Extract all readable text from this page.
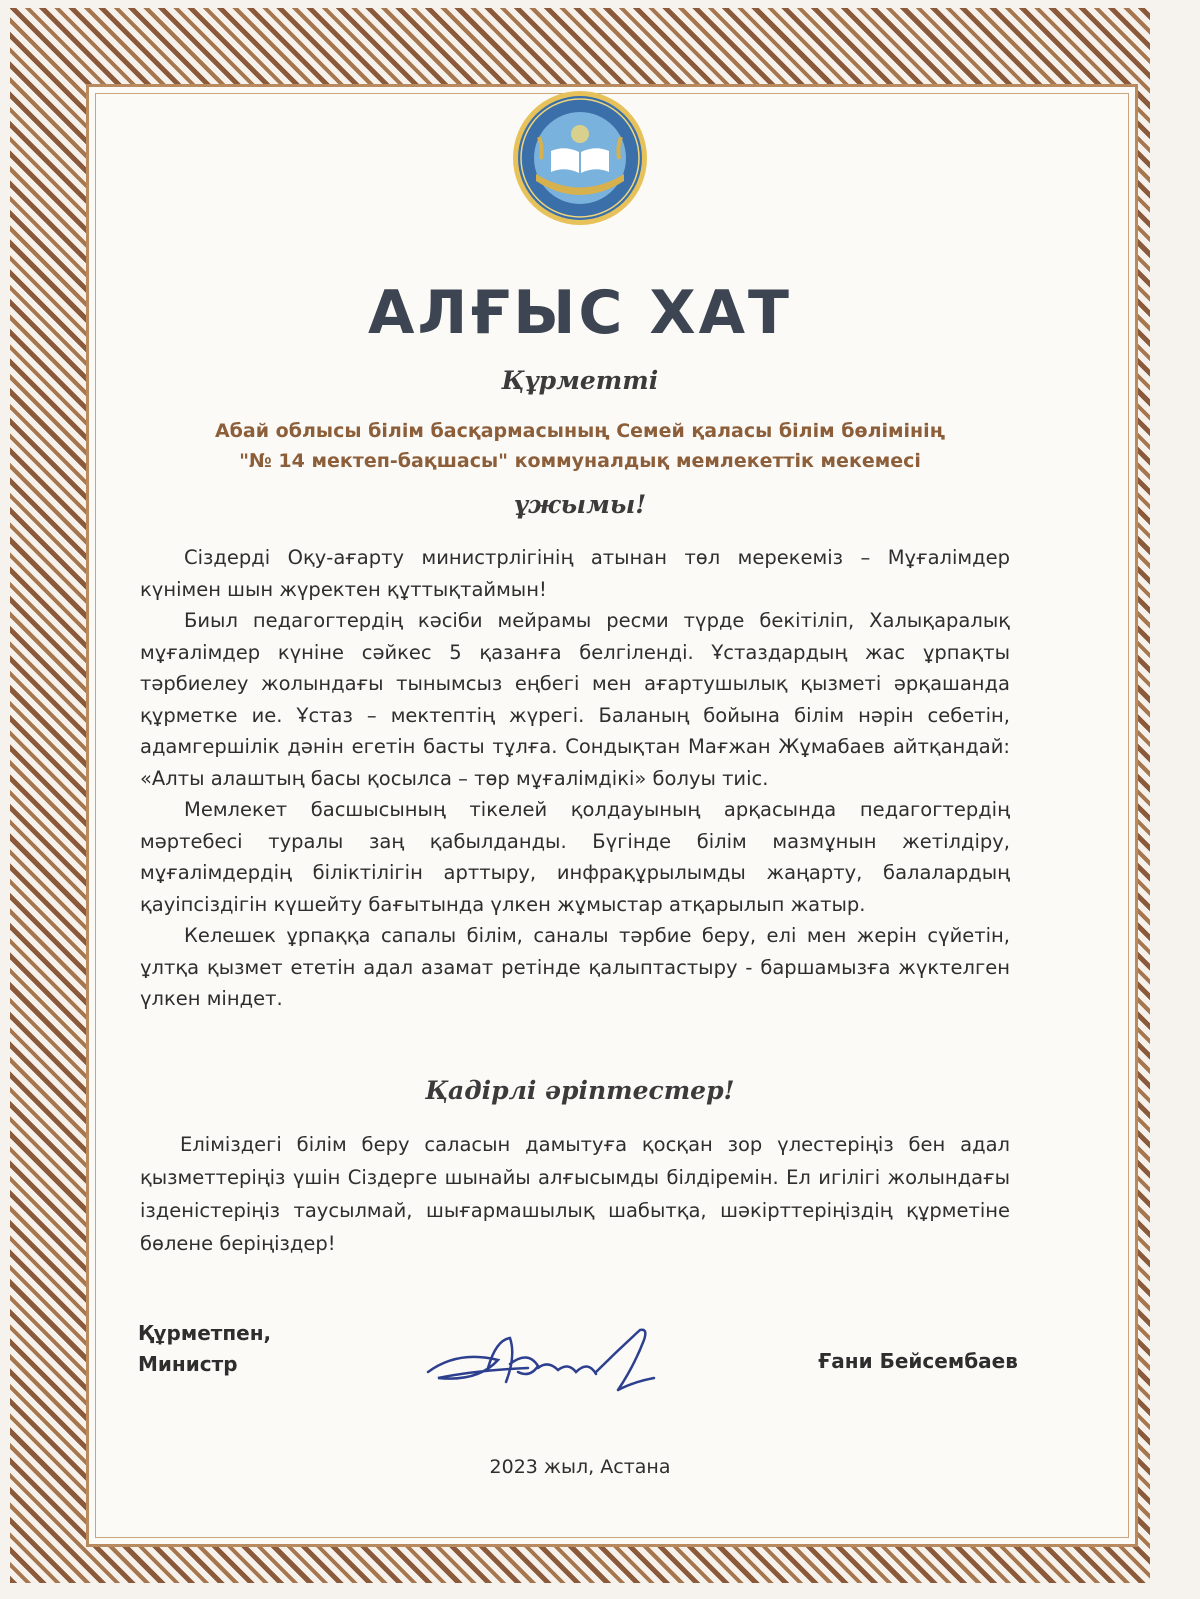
АЛҒЫС ХАТ
Құрметті
Абай облысы білім басқармасының Семей қаласы білім бөлімінің
"№ 14 мектеп-бақшасы" коммуналдық мемлекеттік мекемесі
ұжымы!

Сіздерді Оқу-ағарту министрлігінің атынан төл мерекеміз – Мұғалімдер күнімен шын жүректен құттықтаймын!

Биыл педагогтердің кәсіби мейрамы ресми түрде бекітіліп, Халықаралық мұғалімдер күніне сәйкес 5 қазанға белгіленді. Ұстаздардың жас ұрпақты тәрбиелеу жолындағы тынымсыз еңбегі мен ағартушылық қызметі әрқашанда құрметке ие. Ұстаз – мектептің жүрегі. Баланың бойына білім нәрін себетін, адамгершілік дәнін егетін басты тұлға. Сондықтан Мағжан Жұмабаев айтқандай: «Алты алаштың басы қосылса – төр мұғалімдікі» болуы тиіс.

Мемлекет басшысының тікелей қолдауының арқасында педагогтердің мәртебесі туралы заң қабылданды. Бүгінде білім мазмұнын жетілдіру, мұғалімдердің біліктілігін арттыру, инфрақұрылымды жаңарту, балалардың қауіпсіздігін күшейту бағытында үлкен жұмыстар атқарылып жатыр.

Келешек ұрпаққа сапалы білім, саналы тәрбие беру, елі мен жерін сүйетін, ұлтқа қызмет ететін адал азамат ретінде қалыптастыру - баршамызға жүктелген үлкен міндет.

Қадірлі әріптестер!

Еліміздегі білім беру саласын дамытуға қосқан зор үлестеріңіз бен адал қызметтеріңіз үшін Сіздерге шынайы алғысымды білдіремін. Ел игілігі жолындағы ізденістеріңіз таусылмай, шығармашылық шабытқа, шәкірттеріңіздің құрметіне бөлене беріңіздер!

Құрметпен,
Министр	Ғани Бейсембаев
2023 жыл, Астана
